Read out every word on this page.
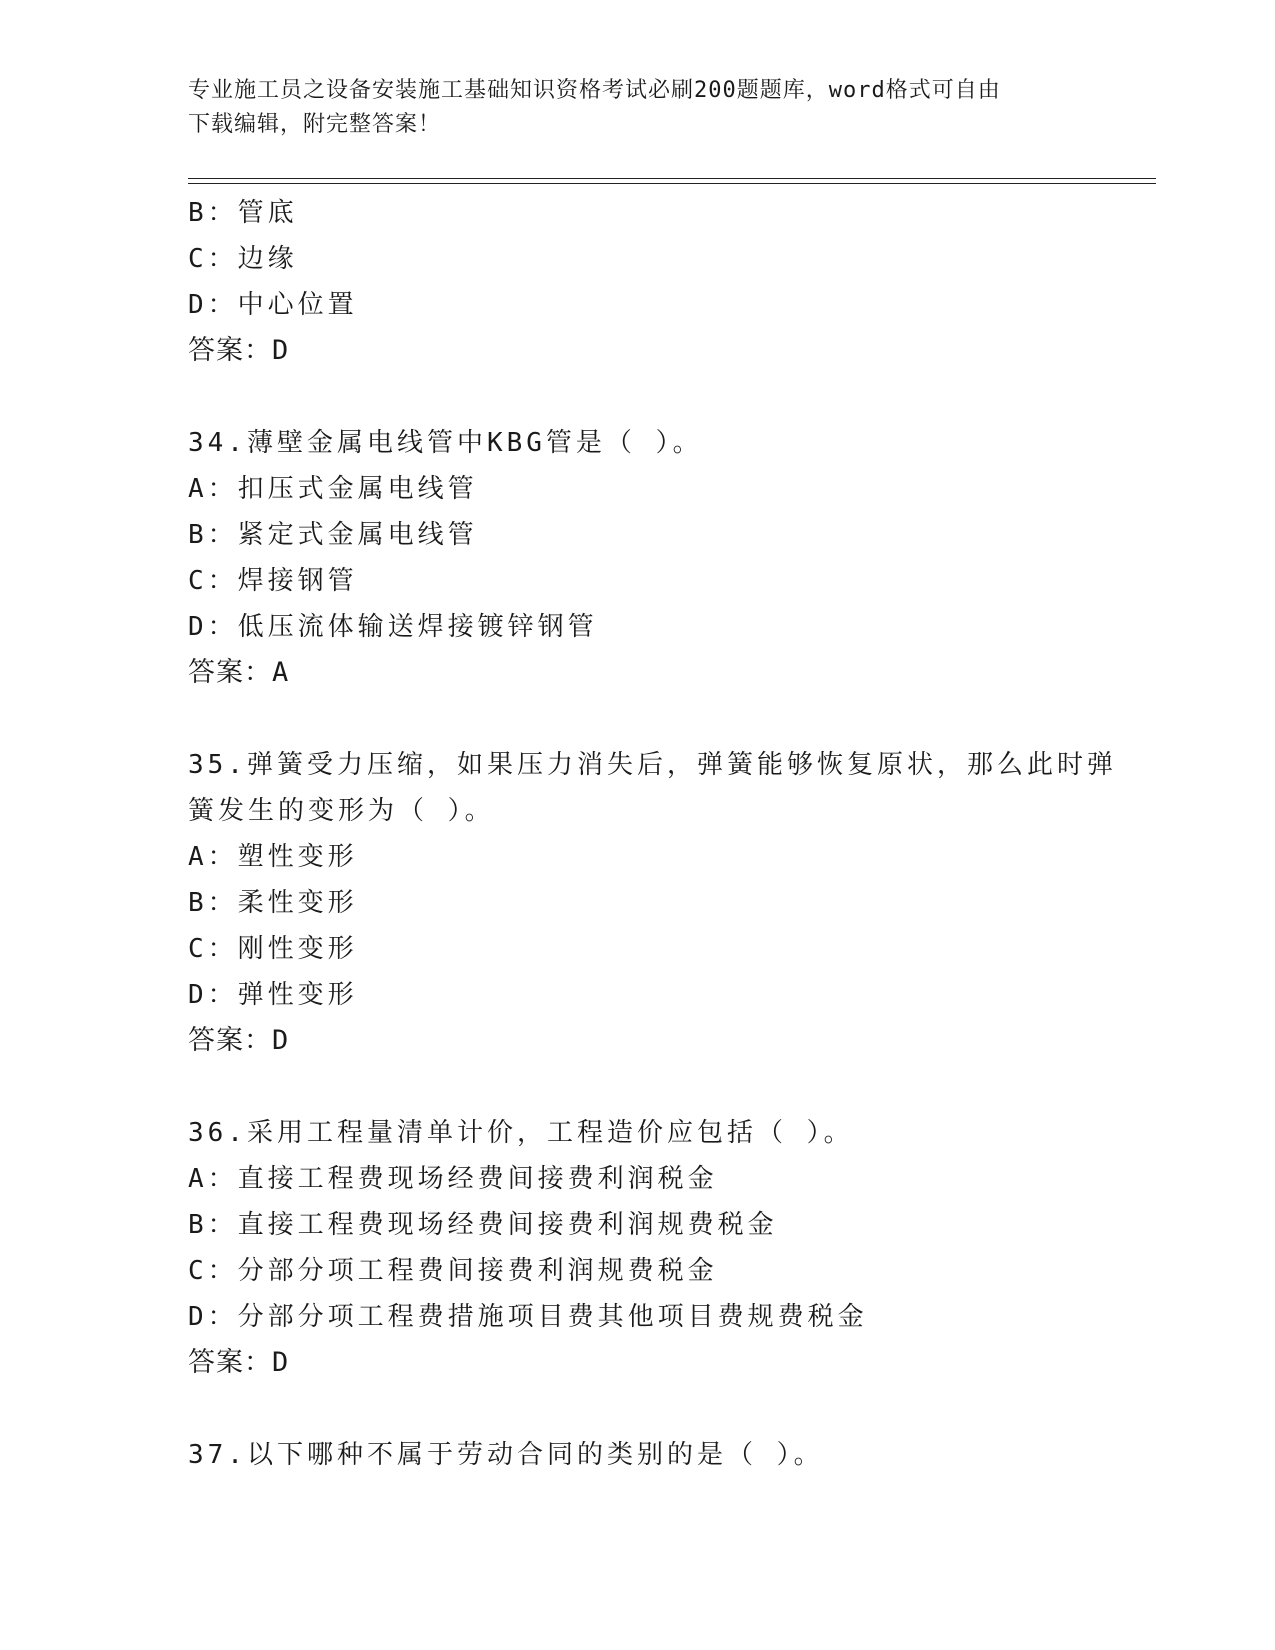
专业施工员之设备安装施工基础知识资格考试必刷200题题库，word格式可自由
下载编辑，附完整答案！
B：管底
C：边缘
D：中心位置
答案：D
34.薄壁金属电线管中KBG管是（ ）。
A：扣压式金属电线管
B：紧定式金属电线管
C：焊接钢管
D：低压流体输送焊接镀锌钢管
答案：A
35.弹簧受力压缩，如果压力消失后，弹簧能够恢复原状，那么此时弹
簧发生的变形为（ ）。
A：塑性变形
B：柔性变形
C：刚性变形
D：弹性变形
答案：D
36.采用工程量清单计价，工程造价应包括（ ）。
A：直接工程费现场经费间接费利润税金
B：直接工程费现场经费间接费利润规费税金
C：分部分项工程费间接费利润规费税金
D：分部分项工程费措施项目费其他项目费规费税金
答案：D
37.以下哪种不属于劳动合同的类别的是（ ）。
